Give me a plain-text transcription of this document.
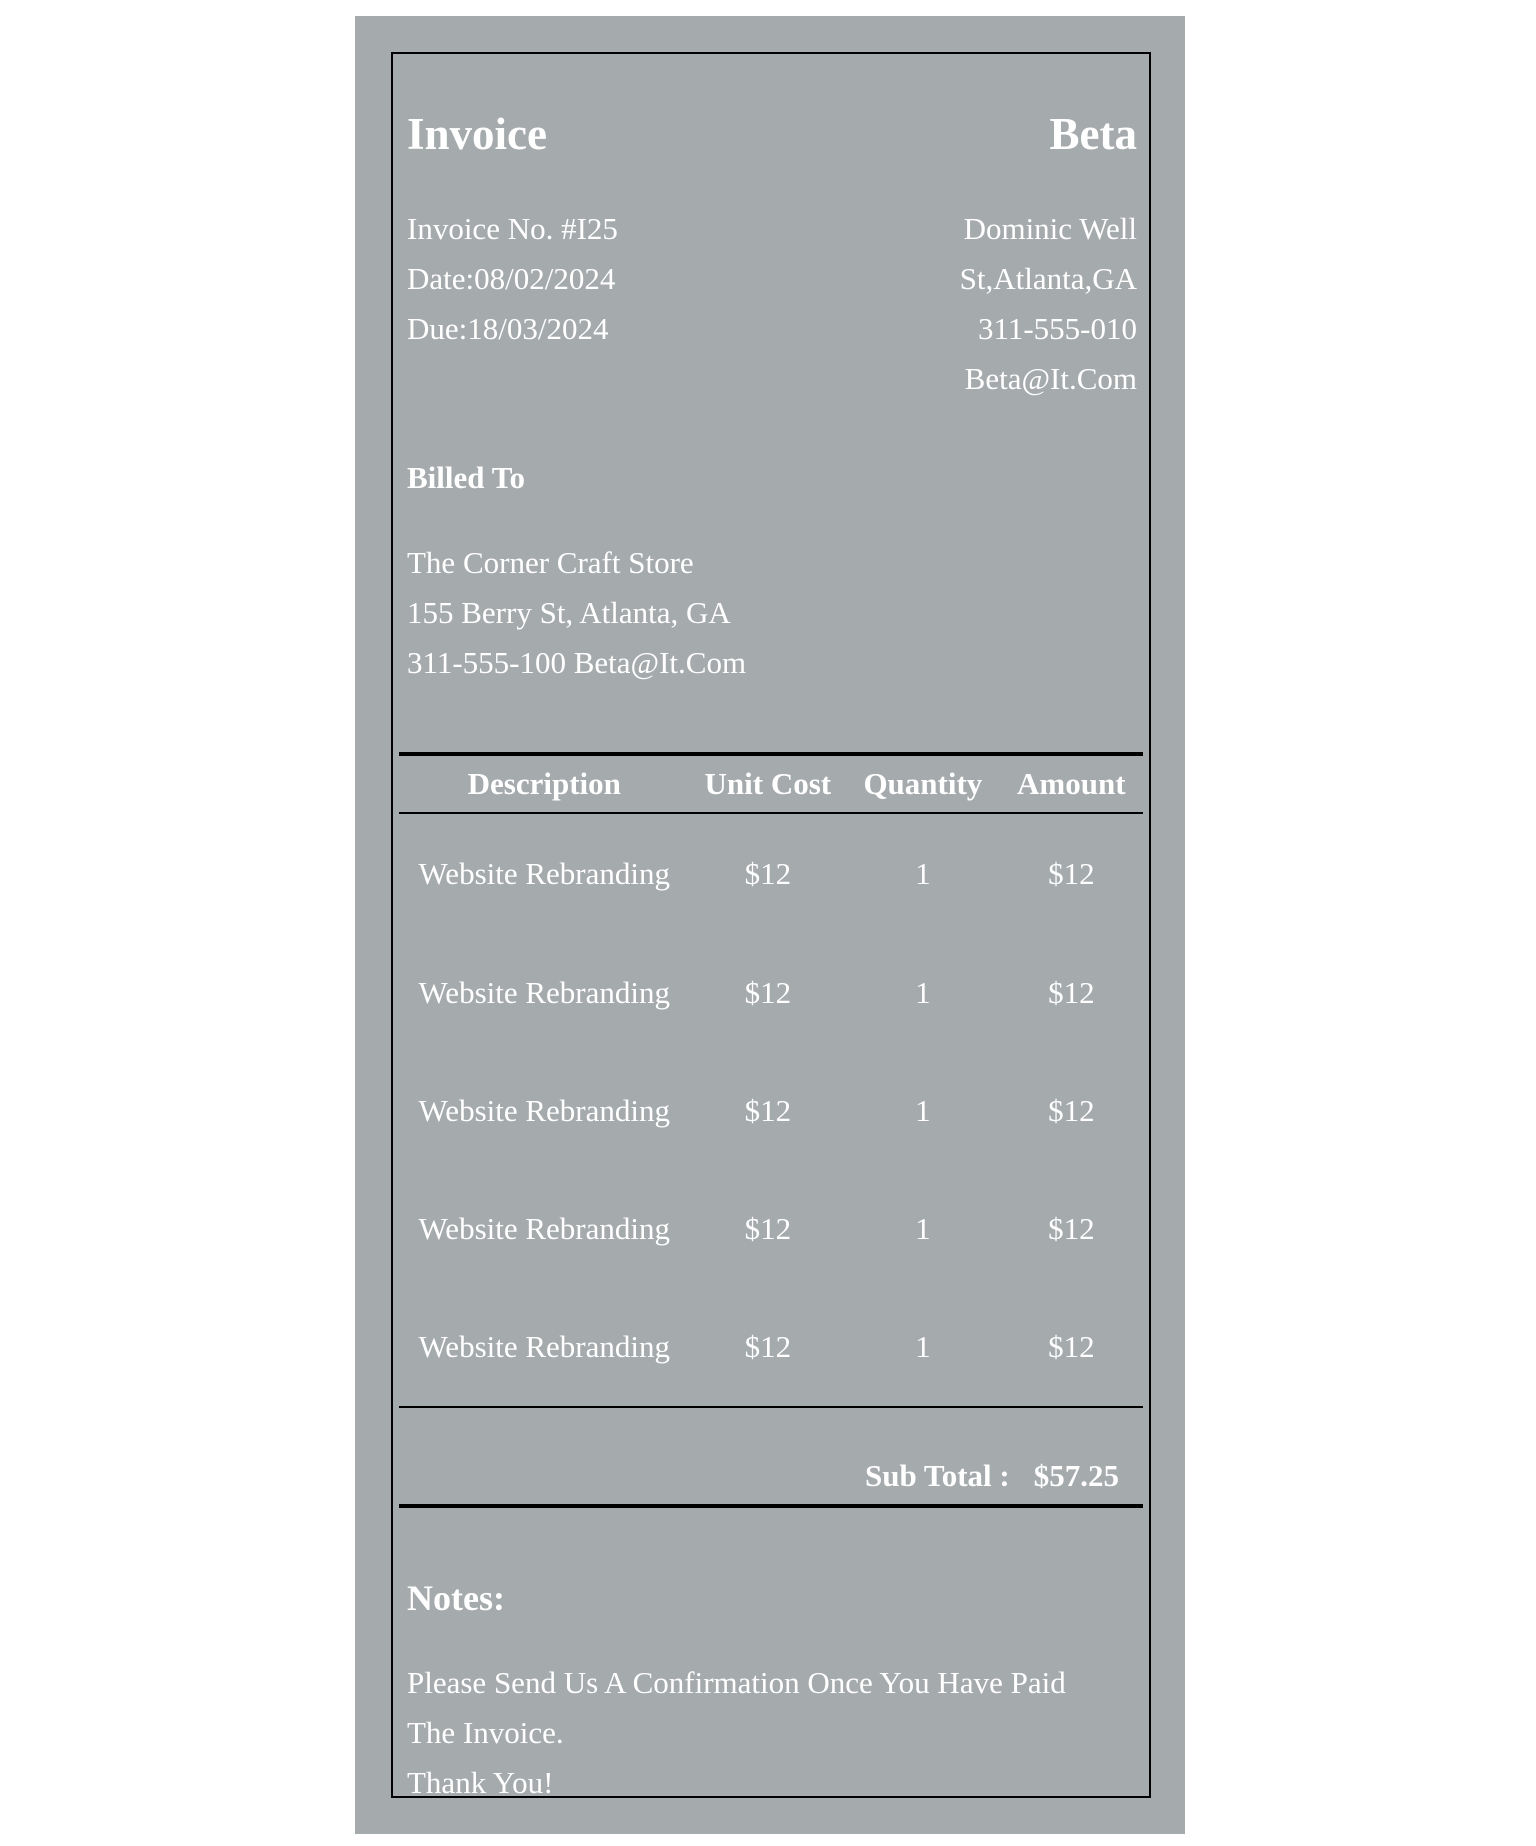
Invoice	Beta
Invoice No. #I25
Date:08/02/2024
Due:18/03/2024
Dominic Well
St,Atlanta,GA
311-555-010
Beta@It.Com
Billed To
The Corner Craft Store
155 Berry St, Atlanta, GA
311-555-100 Beta@It.Com
Description	Unit Cost	Quantity	Amount
Website Rebranding	$12	1	$12
Website Rebranding	$12	1	$12
Website Rebranding	$12	1	$12
Website Rebranding	$12	1	$12
Website Rebranding	$12	1	$12
Sub Total : $57.25
Notes:
Please Send Us A Confirmation Once You Have Paid The Invoice.
Thank You!
